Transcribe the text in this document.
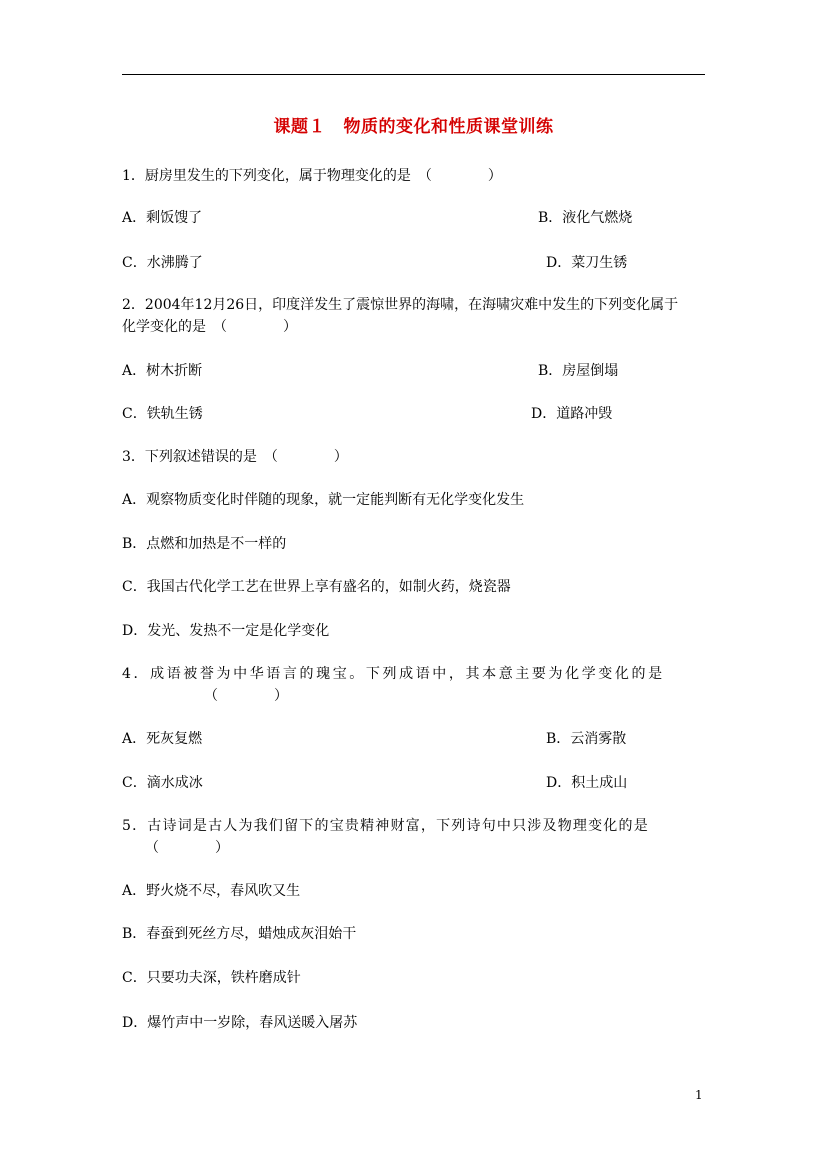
课题１　物质的变化和性质课堂训练
1．厨房里发生的下列变化，属于物理变化的是　（　　　　）
A．剩饭馊了	B．液化气燃烧
C．水沸腾了	D．菜刀生锈
2．2004年12月26日，印度洋发生了震惊世界的海啸，在海啸灾难中发生的下列变化属于
化学变化的是　（　　　　）
A．树木折断	B．房屋倒塌
C．铁轨生锈	D．道路冲毁
3．下列叙述错误的是　（　　　　）
A．观察物质变化时伴随的现象，就一定能判断有无化学变化发生
B．点燃和加热是不一样的
C．我国古代化学工艺在世界上享有盛名的，如制火药，烧瓷器
D．发光、发热不一定是化学变化
4．成语被誉为中华语言的瑰宝。下列成语中，其本意主要为化学变化的是
（　　　　）
A．死灰复燃	B．云消雾散
C．滴水成冰	D．积土成山
5．古诗词是古人为我们留下的宝贵精神财富，下列诗句中只涉及物理变化的是
（　　　　）
A．野火烧不尽，春风吹又生
B．春蚕到死丝方尽，蜡烛成灰泪始干
C．只要功夫深，铁杵磨成针
D．爆竹声中一岁除，春风送暖入屠苏
1
